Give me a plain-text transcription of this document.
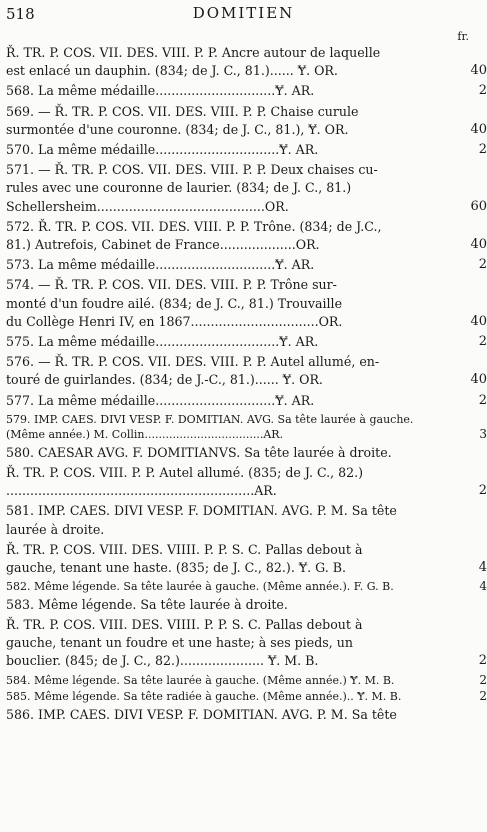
518	DOMITIEN
fr.
Ř. TR. P. COS. VII. DES. VIII. P. P. Ancre autour de laquelle
est enlacé un dauphin. (834; de J. C., 81.)...... Ɏ. OR.	40
568. La même médaille..............................Ɏ. AR.	2
569. — Ř. TR. P. COS. VII. DES. VIII. P. P. Chaise curule
surmontée d'une couronne. (834; de J. C., 81.), Ɏ. OR.	40
570. La même médaille...............................Ɏ. AR.	2
571. — Ř. TR. P. COS. VII. DES. VIII. P. P. Deux chaises cu-
rules avec une couronne de laurier. (834; de J. C., 81.)
Schellersheim..........................................OR.	60
572. Ř. TR. P. COS. VII. DES. VIII. P. P. Trône. (834; de J.C.,
81.) Autrefois, Cabinet de France...................OR.	40
573. La même médaille..............................Ɏ. AR.	2
574. — Ř. TR. P. COS. VII. DES. VIII. P. P. Trône sur-
monté d'un foudre ailé. (834; de J. C., 81.) Trouvaille
du Collège Henri IV, en 1867................................OR.	40
575. La même médaille...............................Ɏ. AR.	2
576. — Ř. TR. P. COS. VII. DES. VIII. P. P. Autel allumé, en-
touré de guirlandes. (834; de J.-C., 81.)...... Ɏ. OR.	40
577. La même médaille..............................Ɏ. AR.	2
579. IMP. CAES. DIVI VESP. F. DOMITIAN. AVG. Sa tête laurée à gauche.
(Même année.) M. Collin..................................AR.	3
580. CAESAR AVG. F. DOMITIANVS. Sa tête laurée à droite.
Ř. TR. P. COS. VIII. P. P. Autel allumé. (835; de J. C., 82.)
..............................................................AR.	2
581. IMP. CAES. DIVI VESP. F. DOMITIAN. AVG. P. M. Sa tête
laurée à droite.
Ř. TR. P. COS. VIII. DES. VIIII. P. P. S. C. Pallas debout à
gauche, tenant une haste. (835; de J. C., 82.). Ɏ. G. B.	4
582. Même légende. Sa tête laurée à gauche. (Même année.). F. G. B.	4
583. Même légende. Sa tête laurée à droite.
Ř. TR. P. COS. VIII. DES. VIIII. P. P. S. C. Pallas debout à
gauche, tenant un foudre et une haste; à ses pieds, un
bouclier. (845; de J. C., 82.)..................... Ɏ. M. B.	2
584. Même légende. Sa tête laurée à gauche. (Même année.) Ɏ. M. B.	2
585. Même légende. Sa tête radiée à gauche. (Même année.).. Ɏ. M. B.	2
586. IMP. CAES. DIVI VESP. F. DOMITIAN. AVG. P. M. Sa tête
